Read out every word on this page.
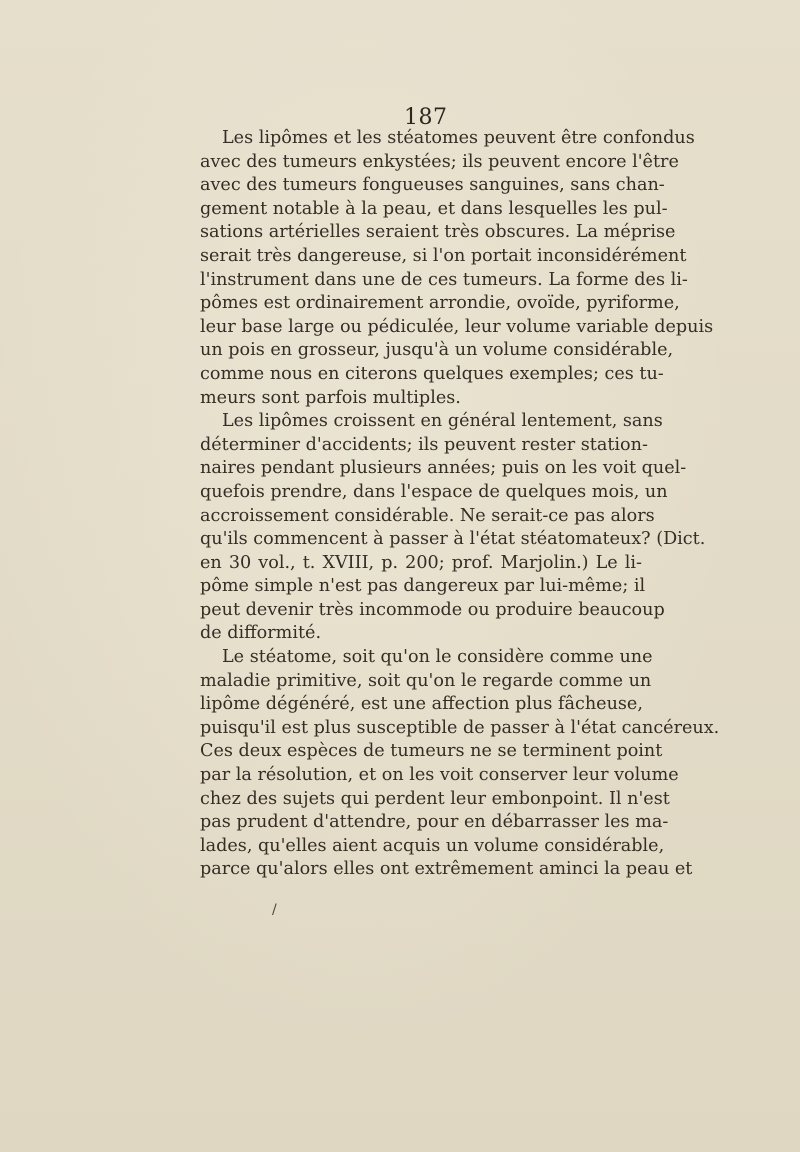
187
Les lipômes et les stéatomes peuvent être confondus
avec des tumeurs enkystées; ils peuvent encore l'être
avec des tumeurs fongueuses sanguines, sans chan-
gement notable à la peau, et dans lesquelles les pul-
sations artérielles seraient très obscures. La méprise
serait très dangereuse, si l'on portait inconsidérément
l'instrument dans une de ces tumeurs. La forme des li-
pômes est ordinairement arrondie, ovoïde, pyriforme,
leur base large ou pédiculée, leur volume variable depuis
un pois en grosseur, jusqu'à un volume considérable,
comme nous en citerons quelques exemples; ces tu-
meurs sont parfois multiples.
Les lipômes croissent en général lentement, sans
déterminer d'accidents; ils peuvent rester station-
naires pendant plusieurs années; puis on les voit quel-
quefois prendre, dans l'espace de quelques mois, un
accroissement considérable. Ne serait-ce pas alors
qu'ils commencent à passer à l'état stéatomateux? (Dict.
en 30 vol., t. XVIII, p. 200; prof. Marjolin.) Le li-
pôme simple n'est pas dangereux par lui-même; il
peut devenir très incommode ou produire beaucoup
de difformité.
Le stéatome, soit qu'on le considère comme une
maladie primitive, soit qu'on le regarde comme un
lipôme dégénéré, est une affection plus fâcheuse,
puisqu'il est plus susceptible de passer à l'état cancéreux.
Ces deux espèces de tumeurs ne se terminent point
par la résolution, et on les voit conserver leur volume
chez des sujets qui perdent leur embonpoint. Il n'est
pas prudent d'attendre, pour en débarrasser les ma-
lades, qu'elles aient acquis un volume considérable,
parce qu'alors elles ont extrêmement aminci la peau et
/
